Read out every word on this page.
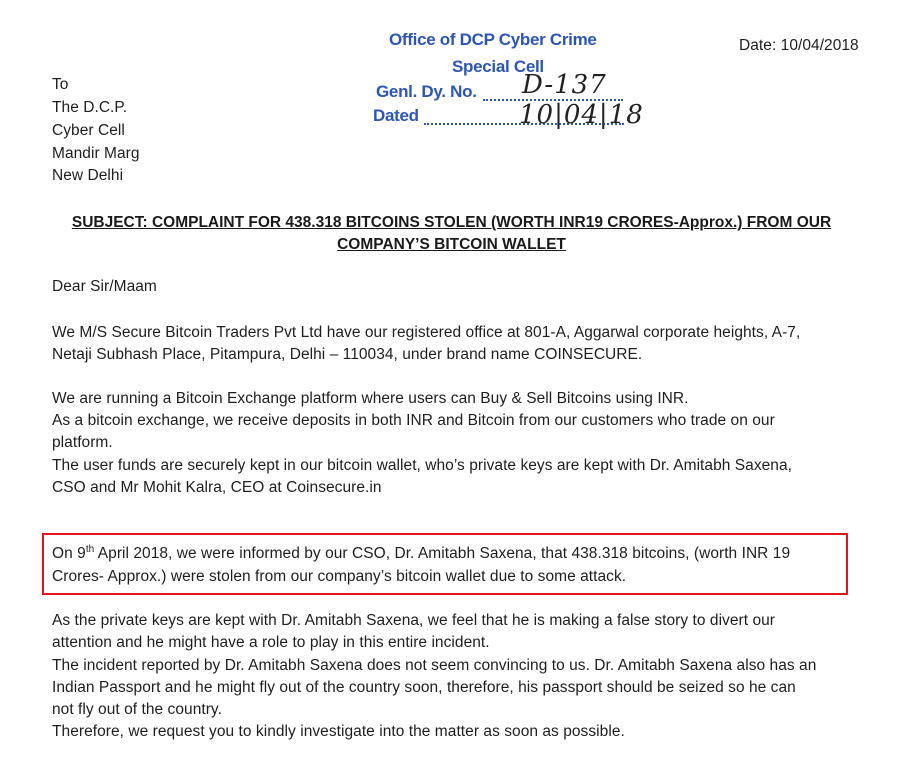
Office of DCP Cyber Crime
Special Cell
Genl. Dy. No. D-137
Dated	10|04|18
Date: 10/04/2018
To
The D.C.P.
Cyber Cell
Mandir Marg
New Delhi
SUBJECT: COMPLAINT FOR 438.318 BITCOINS STOLEN (WORTH INR19 CRORES-Approx.) FROM OUR
COMPANY’S BITCOIN WALLET
Dear Sir/Maam
We M/S Secure Bitcoin Traders Pvt Ltd have our registered office at 801-A, Aggarwal corporate heights, A-7,
Netaji Subhash Place, Pitampura, Delhi – 110034, under brand name COINSECURE.
We are running a Bitcoin Exchange platform where users can Buy & Sell Bitcoins using INR.
As a bitcoin exchange, we receive deposits in both INR and Bitcoin from our customers who trade on our
platform.
The user funds are securely kept in our bitcoin wallet, who’s private keys are kept with Dr. Amitabh Saxena,
CSO and Mr Mohit Kalra, CEO at Coinsecure.in
On 9th April 2018, we were informed by our CSO, Dr. Amitabh Saxena, that 438.318 bitcoins, (worth INR 19
Crores- Approx.) were stolen from our company’s bitcoin wallet due to some attack.
As the private keys are kept with Dr. Amitabh Saxena, we feel that he is making a false story to divert our
attention and he might have a role to play in this entire incident.
The incident reported by Dr. Amitabh Saxena does not seem convincing to us. Dr. Amitabh Saxena also has an
Indian Passport and he might fly out of the country soon, therefore, his passport should be seized so he can
not fly out of the country.
Therefore, we request you to kindly investigate into the matter as soon as possible.
